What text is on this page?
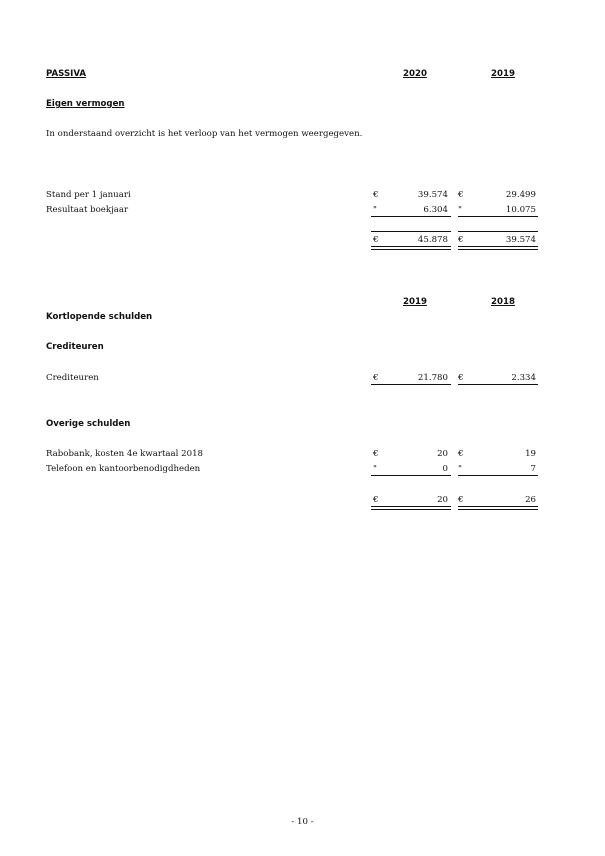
PASSIVA	2020	2019
Eigen vermogen
In onderstaand overzicht is het verloop van het vermogen weergegeven.
Stand per 1 januari	€	39.574 €	29.499
Resultaat boekjaar	"	6.304 "	10.075
€	45.878 €	39.574
2019	2018
Kortlopende schulden
Crediteuren
Crediteuren	€	21.780 €	2.334
Overige schulden
Rabobank, kosten 4e kwartaal 2018	€	20 €	19
Telefoon en kantoorbenodigdheden	"	0 "	7
€	20 €	26
- 10 -
